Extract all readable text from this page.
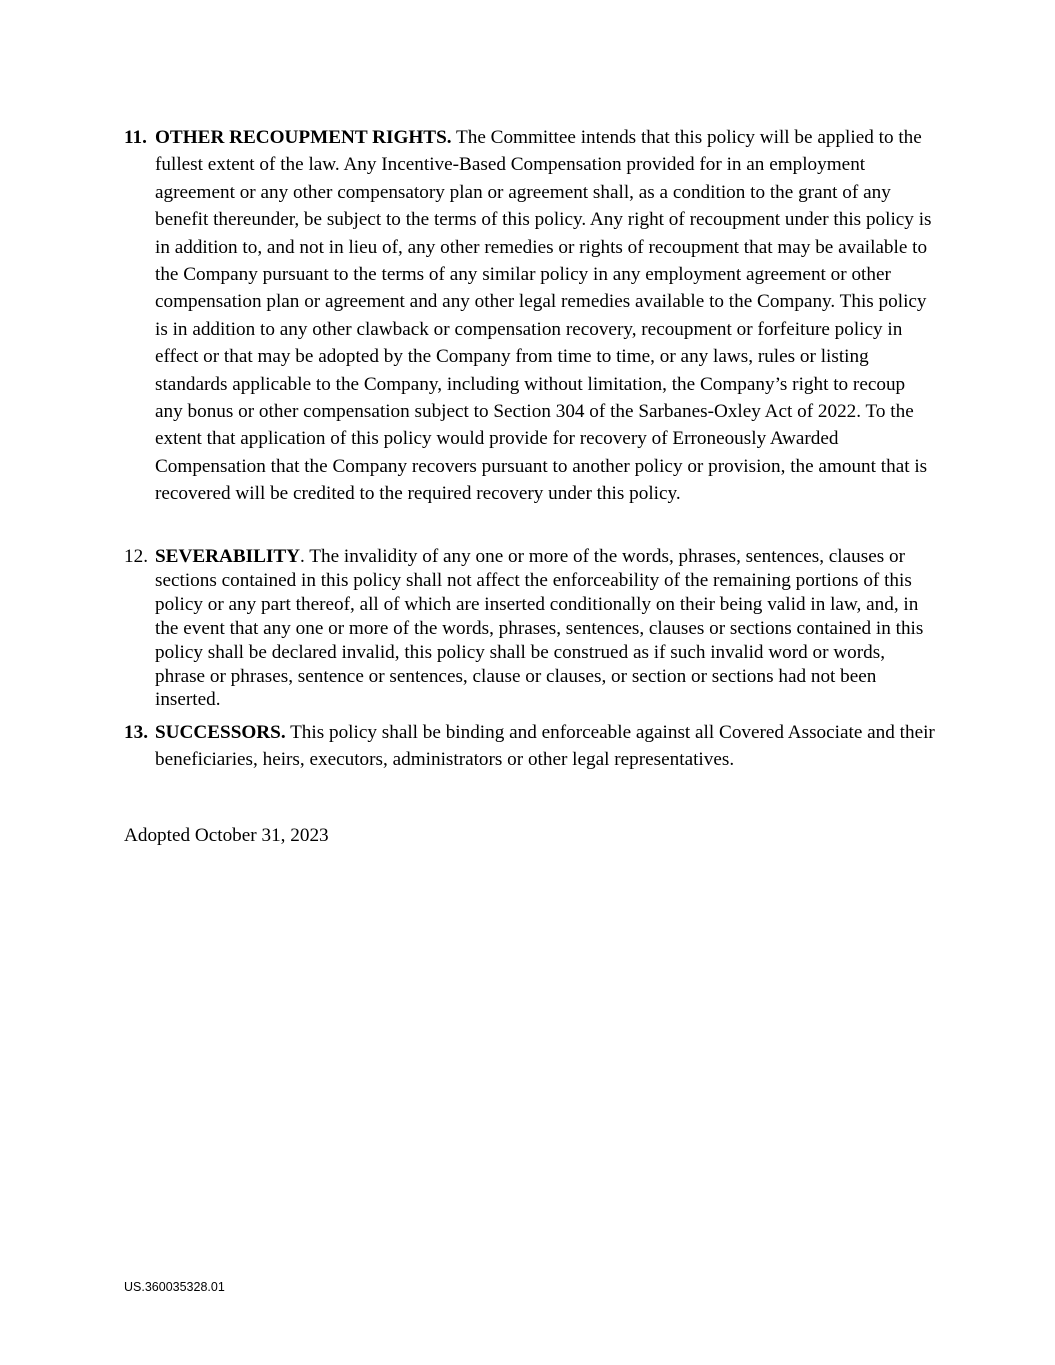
11. OTHER RECOUPMENT RIGHTS. The Committee intends that this policy will be applied to the fullest extent of the law. Any Incentive-Based Compensation provided for in an employment agreement or any other compensatory plan or agreement shall, as a condition to the grant of any benefit thereunder, be subject to the terms of this policy. Any right of recoupment under this policy is in addition to, and not in lieu of, any other remedies or rights of recoupment that may be available to the Company pursuant to the terms of any similar policy in any employment agreement or other compensation plan or agreement and any other legal remedies available to the Company. This policy is in addition to any other clawback or compensation recovery, recoupment or forfeiture policy in effect or that may be adopted by the Company from time to time, or any laws, rules or listing standards applicable to the Company, including without limitation, the Company’s right to recoup any bonus or other compensation subject to Section 304 of the Sarbanes-Oxley Act of 2022. To the extent that application of this policy would provide for recovery of Erroneously Awarded Compensation that the Company recovers pursuant to another policy or provision, the amount that is recovered will be credited to the required recovery under this policy.
12. SEVERABILITY. The invalidity of any one or more of the words, phrases, sentences, clauses or sections contained in this policy shall not affect the enforceability of the remaining portions of this policy or any part thereof, all of which are inserted conditionally on their being valid in law, and, in the event that any one or more of the words, phrases, sentences, clauses or sections contained in this policy shall be declared invalid, this policy shall be construed as if such invalid word or words, phrase or phrases, sentence or sentences, clause or clauses, or section or sections had not been inserted.
13. SUCCESSORS. This policy shall be binding and enforceable against all Covered Associate and their beneficiaries, heirs, executors, administrators or other legal representatives.
Adopted October 31, 2023
US.360035328.01
